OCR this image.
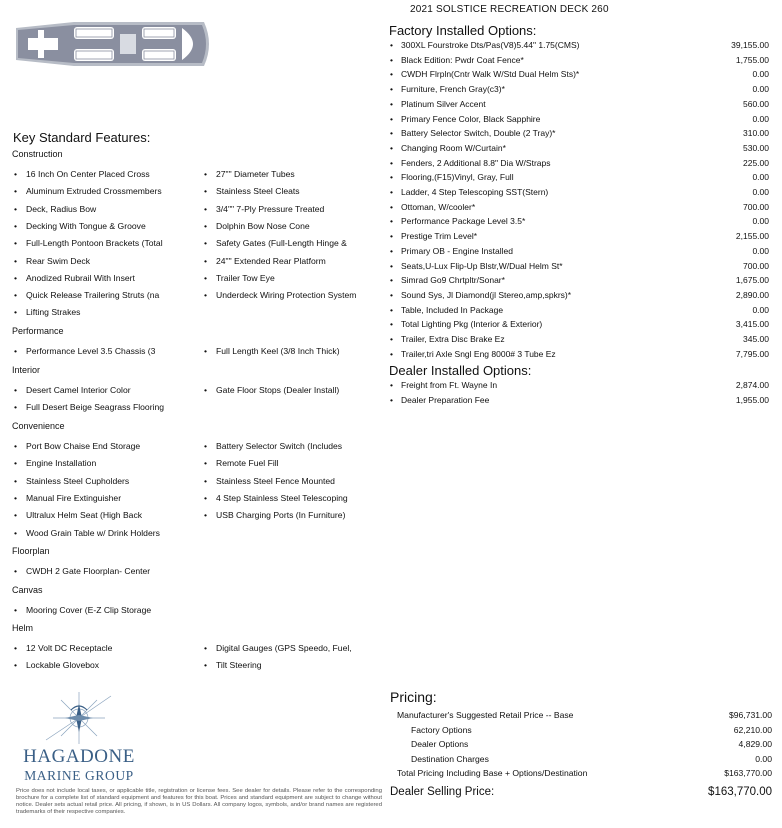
2021 SOLSTICE RECREATION DECK 260
Key Standard Features:
Construction
• 16 Inch On Center Placed Cross	• 27"" Diameter Tubes
• Aluminum Extruded Crossmembers	• Stainless Steel Cleats
• Deck, Radius Bow	• 3/4"" 7-Ply Pressure Treated
• Decking With Tongue & Groove	• Dolphin Bow Nose Cone
• Full-Length Pontoon Brackets (Total	• Safety Gates (Full-Length Hinge &
• Rear Swim Deck	• 24"" Extended Rear Platform
• Anodized Rubrail With Insert	• Trailer Tow Eye
• Quick Release Trailering Struts (na	• Underdeck Wiring Protection System
• Lifting Strakes
Performance
• Performance Level 3.5 Chassis (3	• Full Length Keel (3/8 Inch Thick)
Interior
• Desert Camel Interior Color	• Gate Floor Stops (Dealer Install)
• Full Desert Beige Seagrass Flooring
Convenience
• Port Bow Chaise End Storage	• Battery Selector Switch (Includes
• Engine Installation	• Remote Fuel Fill
• Stainless Steel Cupholders	• Stainless Steel Fence Mounted
• Manual Fire Extinguisher	• 4 Step Stainless Steel Telescoping
• Ultralux Helm Seat (High Back	• USB Charging Ports (In Furniture)
• Wood Grain Table w/ Drink Holders
Floorplan
• CWDH 2 Gate Floorplan- Center
Canvas
• Mooring Cover (E-Z Clip Storage
Helm
• 12 Volt DC Receptacle	• Digital Gauges (GPS Speedo, Fuel,
• Lockable Glovebox	• Tilt Steering
Factory Installed Options:
• 300XL Fourstroke Dts/Pas(V8)5.44" 1.75(CMS)	39,155.00
• Black Edition: Pwdr Coat Fence*	1,755.00
• CWDH Flrpln(Cntr Walk W/Std Dual Helm Sts)*	0.00
• Furniture, French Gray(c3)*	0.00
• Platinum Silver Accent	560.00
• Primary Fence Color, Black Sapphire	0.00
• Battery Selector Switch, Double (2 Tray)*	310.00
• Changing Room W/Curtain*	530.00
• Fenders, 2 Additional 8.8" Dia W/Straps	225.00
• Flooring,(F15)Vinyl, Gray, Full	0.00
• Ladder, 4 Step Telescoping SST(Stern)	0.00
• Ottoman, W/cooler*	700.00
• Performance Package Level 3.5*	0.00
• Prestige Trim Level*	2,155.00
• Primary OB - Engine Installed	0.00
• Seats,U-Lux Flip-Up Blstr,W/Dual Helm St*	700.00
• Simrad Go9 Chrtpltr/Sonar*	1,675.00
• Sound Sys, Jl Diamond(jl Stereo,amp,spkrs)*	2,890.00
• Table, Included In Package	0.00
• Total Lighting Pkg (Interior & Exterior)	3,415.00
• Trailer, Extra Disc Brake Ez	345.00
• Trailer,tri Axle Sngl Eng 8000# 3 Tube Ez	7,795.00
Dealer Installed Options:
• Freight from Ft. Wayne In	2,874.00
• Dealer Preparation Fee	1,955.00
Pricing:
Manufacturer's Suggested Retail Price -- Base	$96,731.00
Factory Options	62,210.00
Dealer Options	4,829.00
Destination Charges	0.00
Total Pricing Including Base + Options/Destination	$163,770.00
Dealer Selling Price:	$163,770.00
HAGADONE
MARINE GROUP
Price does not include local taxes, or applicable title, registration or license fees. See dealer for details. Please refer to the corresponding brochure for a complete list of standard equipment and features for this boat. Prices and standard equipment are subject to change without notice. Dealer sets actual retail price. All pricing, if shown, is in US Dollars. All company logos, symbols, and/or brand names are registered trademarks of their respective companies.
